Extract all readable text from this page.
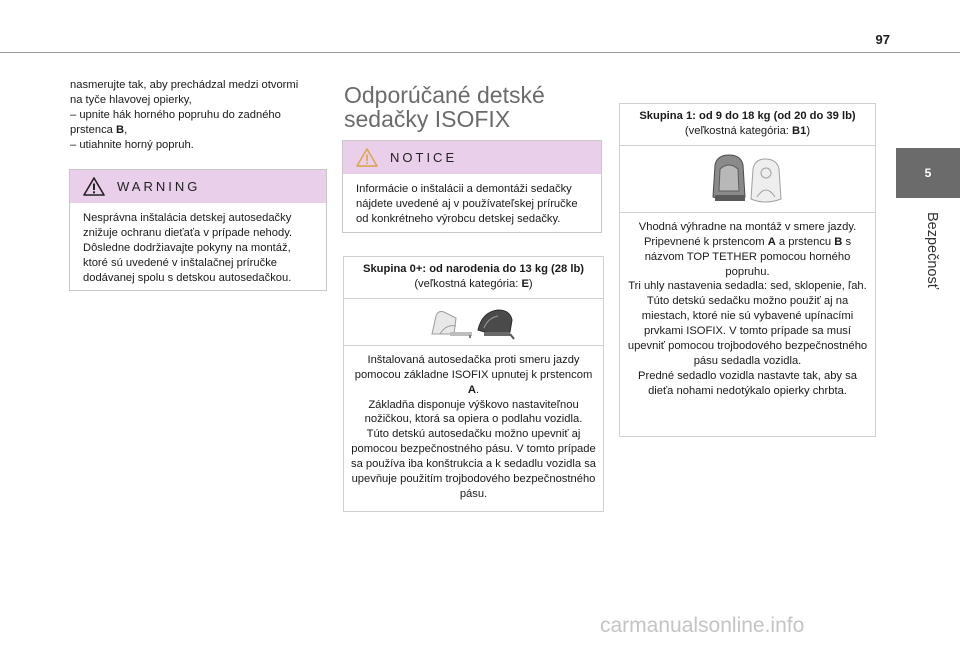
97
5
Bezpečnosť

nasmerujte tak, aby prechádzal medzi otvormi

na tyče hlavovej opierky,

– upnite hák horného popruhu do zadného

prstenca B,

– utiahnite horný popruh.

WARNING
Nesprávna inštalácia detskej autosedačky znižuje ochranu dieťaťa v prípade nehody. Dôsledne dodržiavajte pokyny na montáž, ktoré sú uvedené v inštalačnej príručke dodávanej spolu s detskou autosedačkou.
Odporúčané detské sedačky ISOFIX
NOTICE
Informácie o inštalácii a demontáži sedačky nájdete uvedené aj v používateľskej príručke od konkrétneho výrobcu detskej sedačky.
Skupina 0+: od narodenia do 13 kg (28 lb)
(veľkostná kategória: E)

Inštalovaná autosedačka proti smeru jazdy pomocou základne ISOFIX upnutej k prstencom A.

Základňa disponuje výškovo nastaviteľnou nožičkou, ktorá sa opiera o podlahu vozidla.

Túto detskú autosedačku možno upevniť aj pomocou bezpečnostného pásu. V tomto prípade sa používa iba konštrukcia a k sedadlu vozidla sa upevňuje použitím trojbodového bezpečnostného pásu.

Skupina 1: od 9 do 18 kg (od 20 do 39 lb)
(veľkostná kategória: B1)

Vhodná výhradne na montáž v smere jazdy. Pripevnené k prstencom A a prstencu B s názvom TOP TETHER pomocou horného popruhu.

Tri uhly nastavenia sedadla: sed, sklopenie, ľah.

Túto detskú sedačku možno použiť aj na miestach, ktoré nie sú vybavené upínacími prvkami ISOFIX. V tomto prípade sa musí upevniť pomocou trojbodového bezpečnostného pásu sedadla vozidla.

Predné sedadlo vozidla nastavte tak, aby sa dieťa nohami nedotýkalo opierky chrbta.

carmanualsonline.info
